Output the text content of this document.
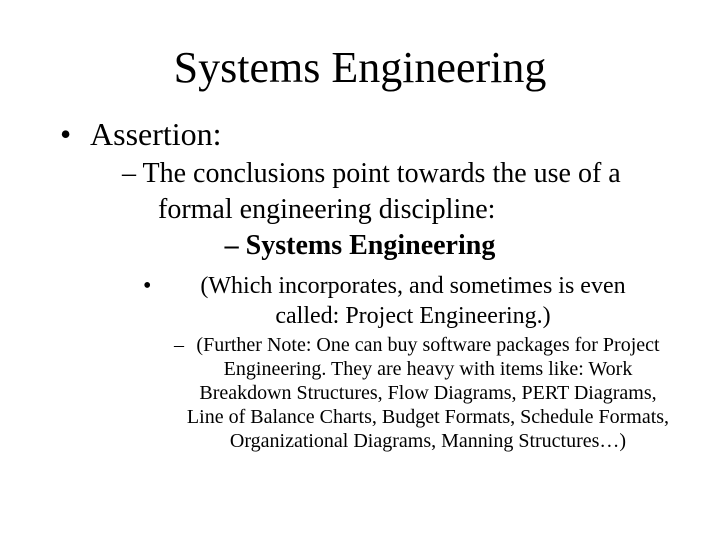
Systems Engineering
• Assertion:
– The conclusions point towards the use of a
formal engineering discipline:
– Systems Engineering
•	(Which incorporates, and sometimes is even called: Project Engineering.)
– (Further Note: One can buy software packages for Project Engineering. They are heavy with items like: Work Breakdown Structures, Flow Diagrams, PERT Diagrams, Line of Balance Charts, Budget Formats, Schedule Formats, Organizational Diagrams, Manning Structures…)
